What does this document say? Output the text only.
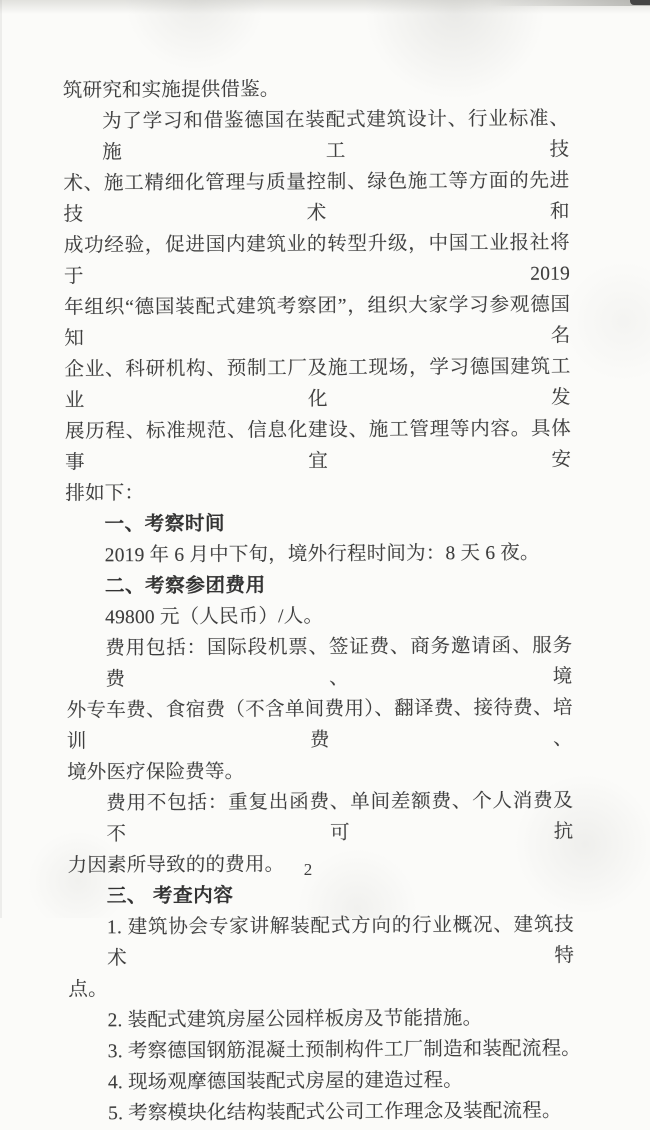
筑研究和实施提供借鉴。
为了学习和借鉴德国在装配式建筑设计、行业标准、施工技
术、施工精细化管理与质量控制、绿色施工等方面的先进技术和
成功经验，促进国内建筑业的转型升级，中国工业报社将于 2019
年组织“德国装配式建筑考察团”，组织大家学习参观德国知名
企业、科研机构、预制工厂及施工现场，学习德国建筑工业化发
展历程、标准规范、信息化建设、施工管理等内容。具体事宜安
排如下：
一、考察时间
2019 年 6 月中下旬，境外行程时间为：8 天 6 夜。
二、考察参团费用
49800 元（人民币）/人。
费用包括：国际段机票、签证费、商务邀请函、服务费、境
外专车费、食宿费（不含单间费用）、翻译费、接待费、培训费、
境外医疗保险费等。
费用不包括：重复出函费、单间差额费、个人消费及不可抗
力因素所导致的的费用。
三、 考查内容
1. 建筑协会专家讲解装配式方向的行业概况、建筑技术特
点。
2. 装配式建筑房屋公园样板房及节能措施。
3. 考察德国钢筋混凝土预制构件工厂制造和装配流程。
4. 现场观摩德国装配式房屋的建造过程。
5. 考察模块化结构装配式公司工作理念及装配流程。
2
